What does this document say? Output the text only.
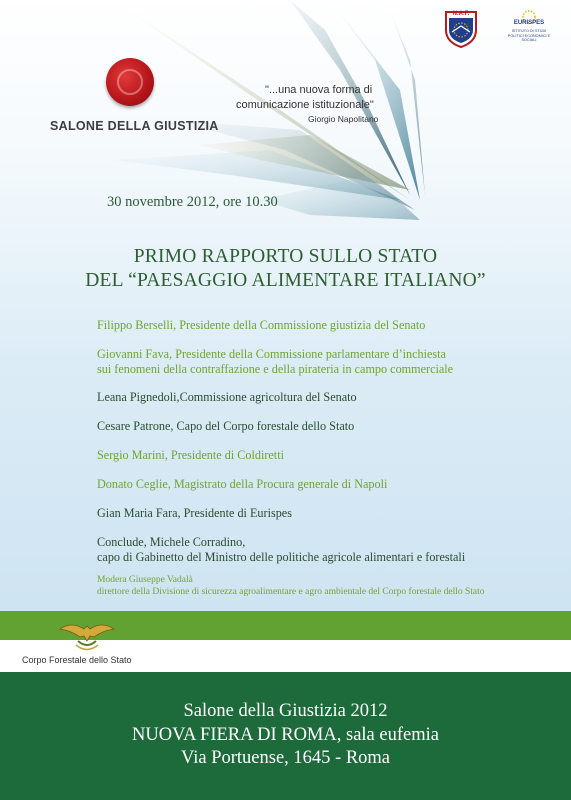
SALONE DELLA GIUSTIZIA
"...una nuova forma di
comunicazione istituzionale"
Giorgio Napolitano
N.A.F.
EURISPES
ISTITUTO DI STUDI
POLITICI ECONOMICI E SOCIALI
30 novembre 2012, ore 10.30
PRIMO RAPPORTO SULLO STATO
DEL “PAESAGGIO ALIMENTARE ITALIANO”
Filippo Berselli, Presidente della Commissione giustizia del Senato
Giovanni Fava, Presidente della Commissione parlamentare d’inchiesta
sui fenomeni della contraffazione e della pirateria in campo commerciale
Leana Pignedoli,Commissione agricoltura del Senato
Cesare Patrone, Capo del Corpo forestale dello Stato
Sergio Marini, Presidente di Coldiretti
Donato Ceglie, Magistrato della Procura generale di Napoli
Gian Maria Fara, Presidente di Eurispes
Conclude, Michele Corradino,
capo di Gabinetto del Ministro delle politiche agricole alimentari e forestali
Modera Giuseppe Vadalà
direttore della Divisione di sicurezza agroalimentare e agro ambientale del Corpo forestale dello Stato
Corpo Forestale dello Stato
Salone della Giustizia 2012
NUOVA FIERA DI ROMA, sala eufemia
Via Portuense, 1645 - Roma
